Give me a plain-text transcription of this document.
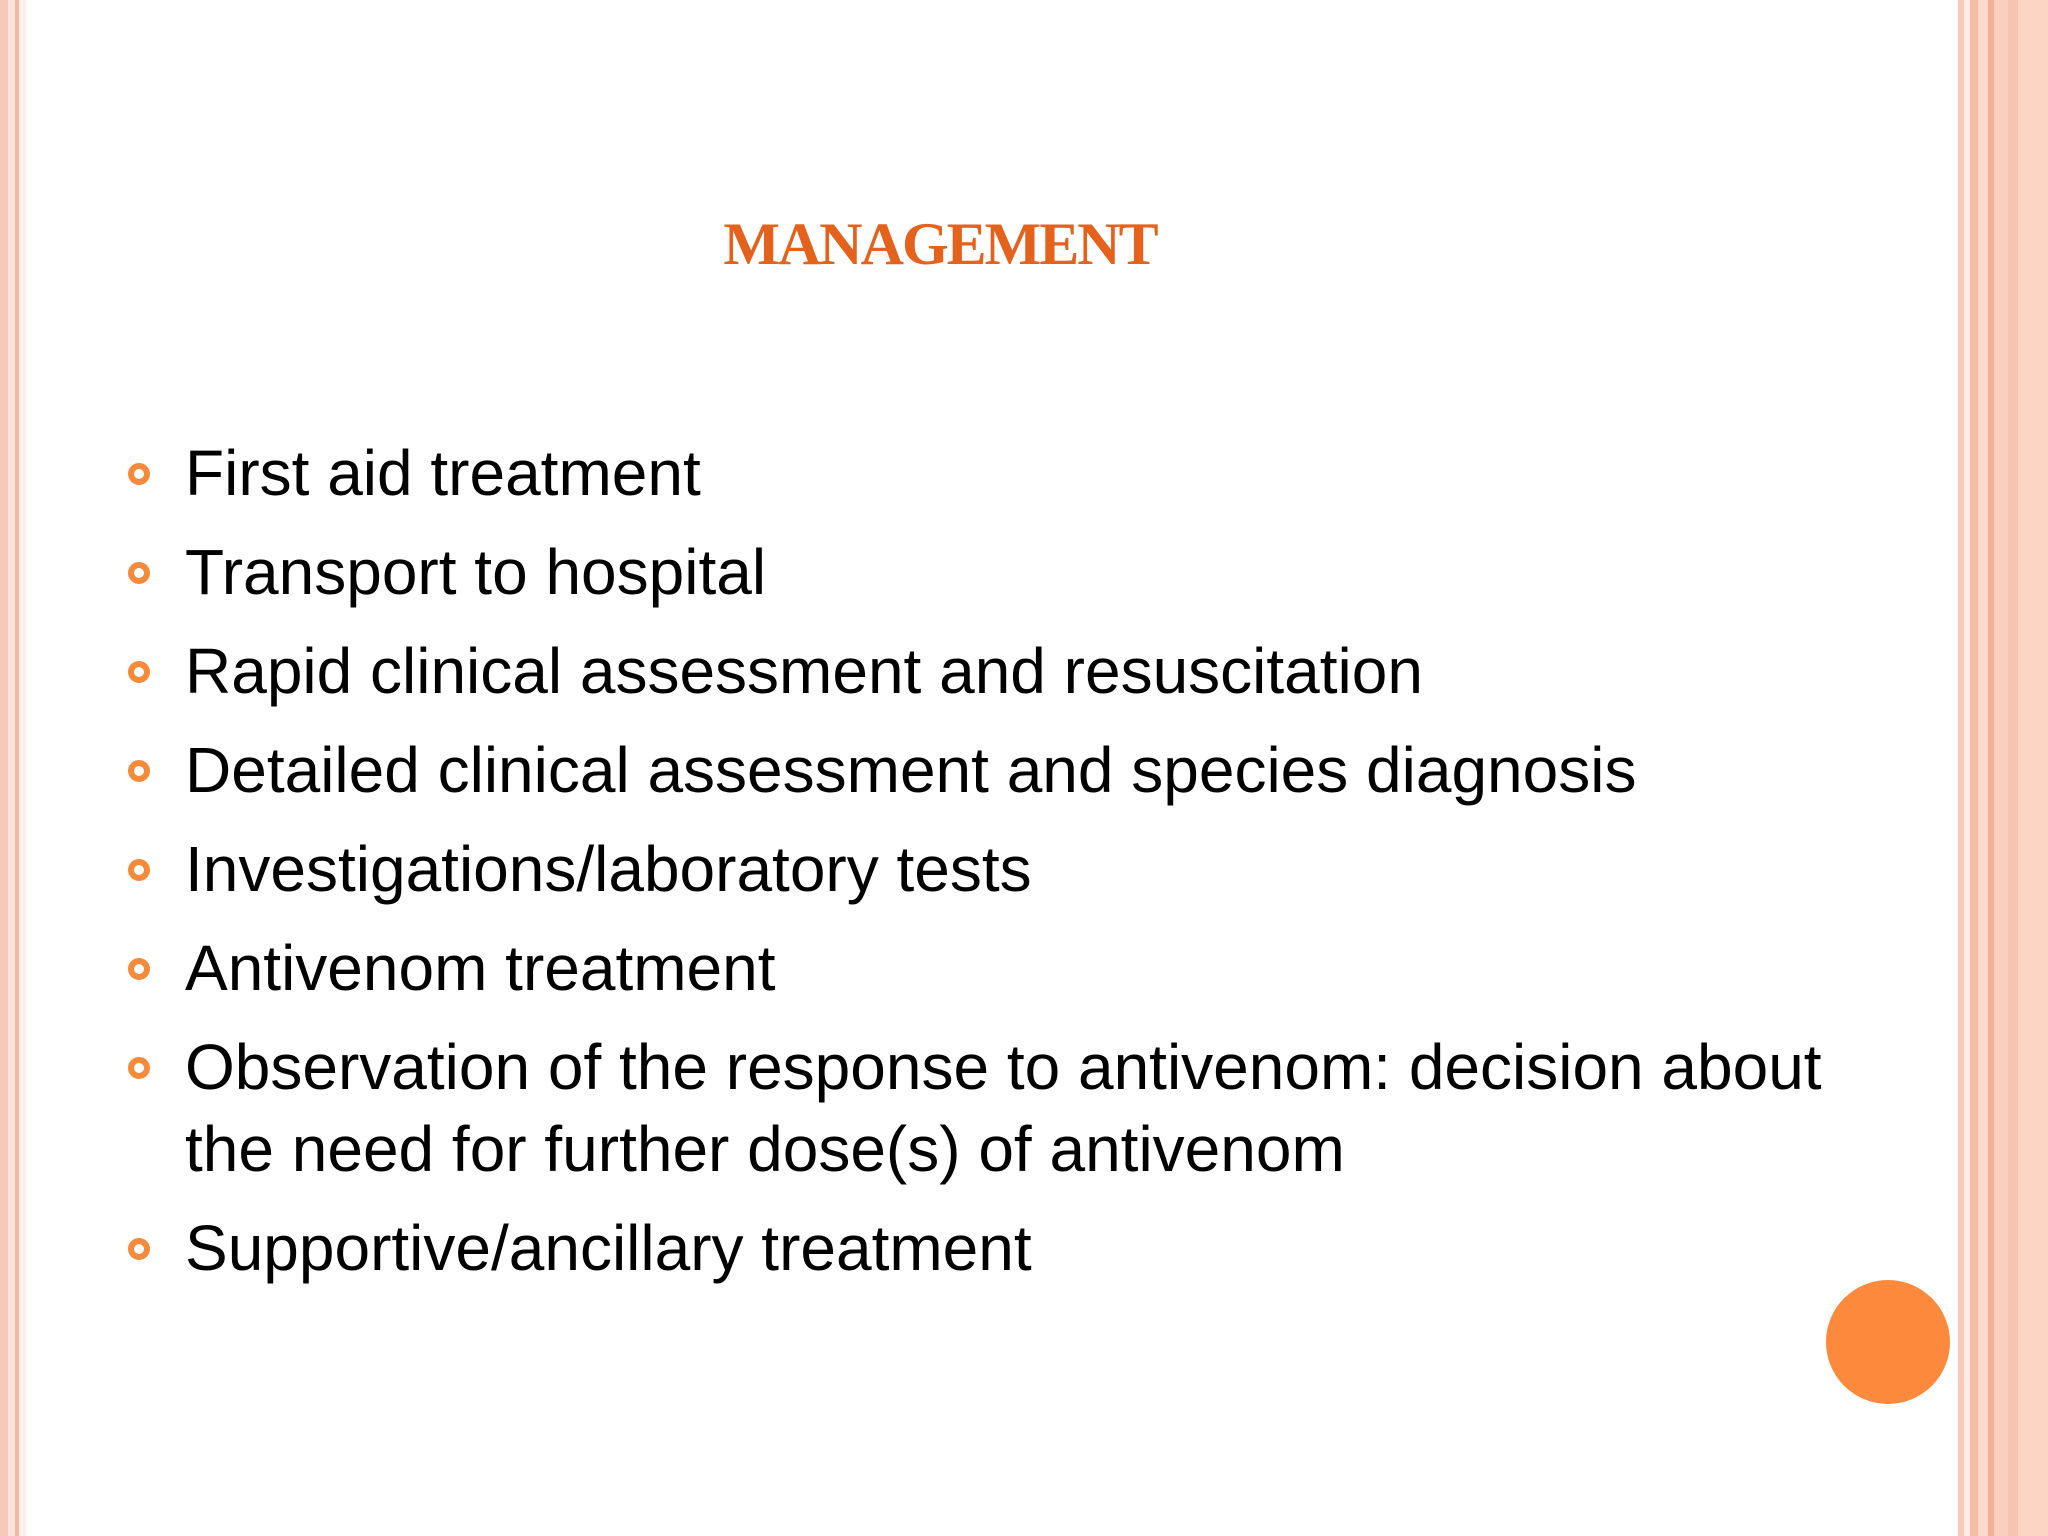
MANAGEMENT
First aid treatment
Transport to hospital
Rapid clinical assessment and resuscitation
Detailed clinical assessment and species diagnosis
Investigations/laboratory tests
Antivenom treatment
Observation of the response to antivenom: decision about the need for further dose(s) of antivenom
Supportive/ancillary treatment
